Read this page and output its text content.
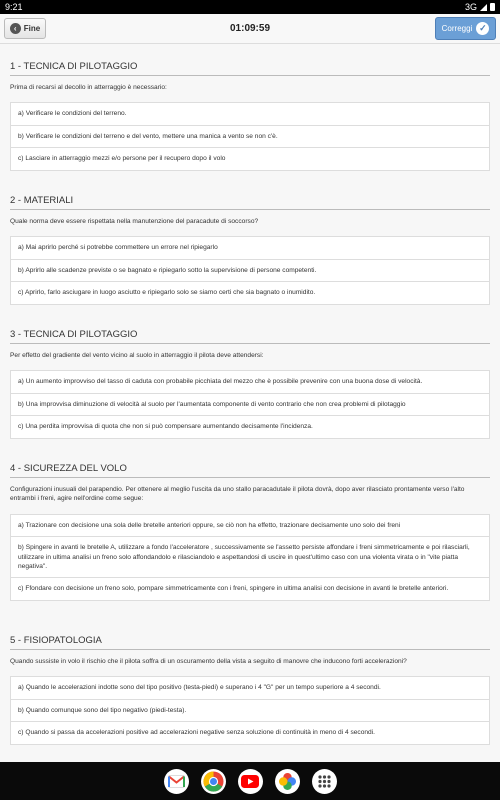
9:21	3G
‹ Fine	01:09:59	Correggi ✓
1 - TECNICA DI PILOTAGGIO
Prima di recarsi al decollo in atterraggio è necessario:
a) Verificare le condizioni del terreno.
b) Verificare le condizioni del terreno e del vento, mettere una manica a vento se non c'è.
c) Lasciare in atterraggio mezzi e/o persone per il recupero dopo il volo
2 - MATERIALI
Quale norma deve essere rispettata nella manutenzione del paracadute di soccorso?
a) Mai aprirlo perché si potrebbe commettere un errore nel ripiegarlo
b) Aprirlo alle scadenze previste o se bagnato e ripiegarlo sotto la supervisione di persone competenti.
c) Aprirlo, farlo asciugare in luogo asciutto e ripiegarlo solo se siamo certi che sia bagnato o inumidito.
3 - TECNICA DI PILOTAGGIO
Per effetto del gradiente del vento vicino al suolo in atterraggio il pilota deve attendersi:
a) Un aumento improvviso del tasso di caduta con probabile picchiata del mezzo che è possibile prevenire con una buona dose di velocità.
b) Una improvvisa diminuzione di velocità al suolo per l'aumentata componente di vento contrario che non crea problemi di pilotaggio
c) Una perdita improvvisa di quota che non si può compensare aumentando decisamente l'incidenza.
4 - SICUREZZA DEL VOLO
Configurazioni inusuali del parapendio. Per ottenere al meglio l'uscita da uno stallo paracadutale il pilota dovrà, dopo aver rilasciato prontamente verso l'alto entrambi i freni, agire nell'ordine come segue:
a) Trazionare con decisione una sola delle bretelle anteriori oppure, se ciò non ha effetto, trazionare decisamente uno solo dei freni
b) Spingere in avanti le bretelle A, utilizzare a fondo l'acceleratore , successivamente se l'assetto persiste affondare i freni simmetricamente e poi rilasciarli, utilizzare in ultima analisi un freno solo affondandolo e rilasciandolo e aspettandosi di uscire in quest'ultimo caso con una violenta virata o in "vite piatta negativa".
c) Ffondare con decisione un freno solo, pompare simmetricamente con i freni, spingere in ultima analisi con decisione in avanti le bretelle anteriori.
5 - FISIOPATOLOGIA
Quando sussiste in volo il rischio che il pilota soffra di un oscuramento della vista a seguito di manovre che inducono forti accelerazioni?
a) Quando le accelerazioni indotte sono del tipo positivo (testa-piedi) e superano i 4 "G" per un tempo superiore a 4 secondi.
b) Quando comunque sono del tipo negativo (piedi-testa).
c) Quando si passa da accelerazioni positive ad accelerazioni negative senza soluzione di continuità in meno di 4 secondi.
